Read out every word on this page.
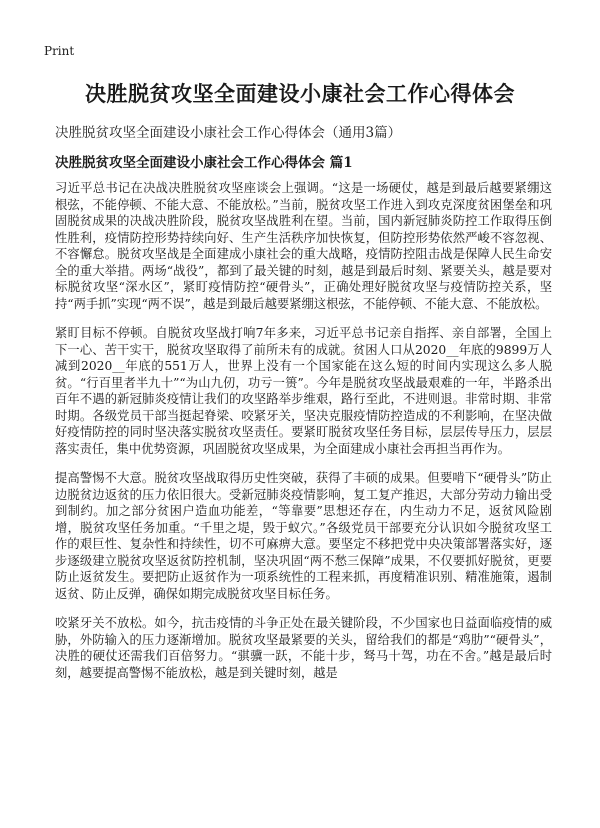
Print
决胜脱贫攻坚全面建设小康社会工作心得体会

决胜脱贫攻坚全面建设小康社会工作心得体会（通用3篇）

决胜脱贫攻坚全面建设小康社会工作心得体会 篇1

习近平总书记在决战决胜脱贫攻坚座谈会上强调。“这是一场硬仗，越是到最后越要紧绷这根弦，不能停顿、不能大意、不能放松。”当前，脱贫攻坚工作进入到攻克深度贫困堡垒和巩固脱贫成果的决战决胜阶段，脱贫攻坚战胜利在望。当前，国内新冠肺炎防控工作取得压倒性胜利，疫情防控形势持续向好、生产生活秩序加快恢复，但防控形势依然严峻不容忽视、不容懈怠。脱贫攻坚战是全面建成小康社会的重大战略，疫情防控阻击战是保障人民生命安全的重大举措。两场“战役”，都到了最关键的时刻，越是到最后时刻、紧要关头，越是要对标脱贫攻坚“深水区”，紧盯疫情防控“硬骨头”，正确处理好脱贫攻坚与疫情防控关系，坚持“两手抓”实现“两不误”，越是到最后越要紧绷这根弦，不能停顿、不能大意、不能放松。

紧盯目标不停顿。自脱贫攻坚战打响7年多来，习近平总书记亲自指挥、亲自部署，全国上下一心、苦干实干，脱贫攻坚取得了前所未有的成就。贫困人口从2020__年底的9899万人减到2020__年底的551万人，世界上没有一个国家能在这么短的时间内实现这么多人脱贫。“行百里者半九十”“为山九仞，功亏一篑”。今年是脱贫攻坚战最艰难的一年，半路杀出百年不遇的新冠肺炎疫情让我们的攻坚路举步维艰，路行至此，不进则退。非常时期、非常时期。各级党员干部当挺起脊梁、咬紧牙关，坚决克服疫情防控造成的不利影响，在坚决做好疫情防控的同时坚决落实脱贫攻坚责任。要紧盯脱贫攻坚任务目标，层层传导压力，层层落实责任，集中优势资源，巩固脱贫攻坚成果，为全面建成小康社会再担当再作为。

提高警惕不大意。脱贫攻坚战取得历史性突破，获得了丰硕的成果。但要啃下“硬骨头”防止边脱贫边返贫的压力依旧很大。受新冠肺炎疫情影响，复工复产推迟，大部分劳动力输出受到制约。加之部分贫困户造血功能差，“等靠要”思想还存在，内生动力不足，返贫风险剧增，脱贫攻坚任务加重。“千里之堤，毁于蚁穴。”各级党员干部要充分认识如今脱贫攻坚工作的艰巨性、复杂性和持续性，切不可麻痹大意。要坚定不移把党中央决策部署落实好，逐步逐级建立脱贫攻坚返贫防控机制，坚决巩固“两不愁三保障”成果，不仅要抓好脱贫，更要防止返贫发生。要把防止返贫作为一项系统性的工程来抓，再度精准识别、精准施策，遏制返贫、防止反弹，确保如期完成脱贫攻坚目标任务。

咬紧牙关不放松。如今，抗击疫情的斗争正处在最关键阶段，不少国家也日益面临疫情的威胁，外防输入的压力逐渐增加。脱贫攻坚最紧要的关头，留给我们的都是“鸡肋”“硬骨头”，决胜的硬仗还需我们百倍努力。“骐骥一跃，不能十步，驽马十驾，功在不舍。”越是最后时刻，越要提高警惕不能放松，越是到关键时刻，越是
